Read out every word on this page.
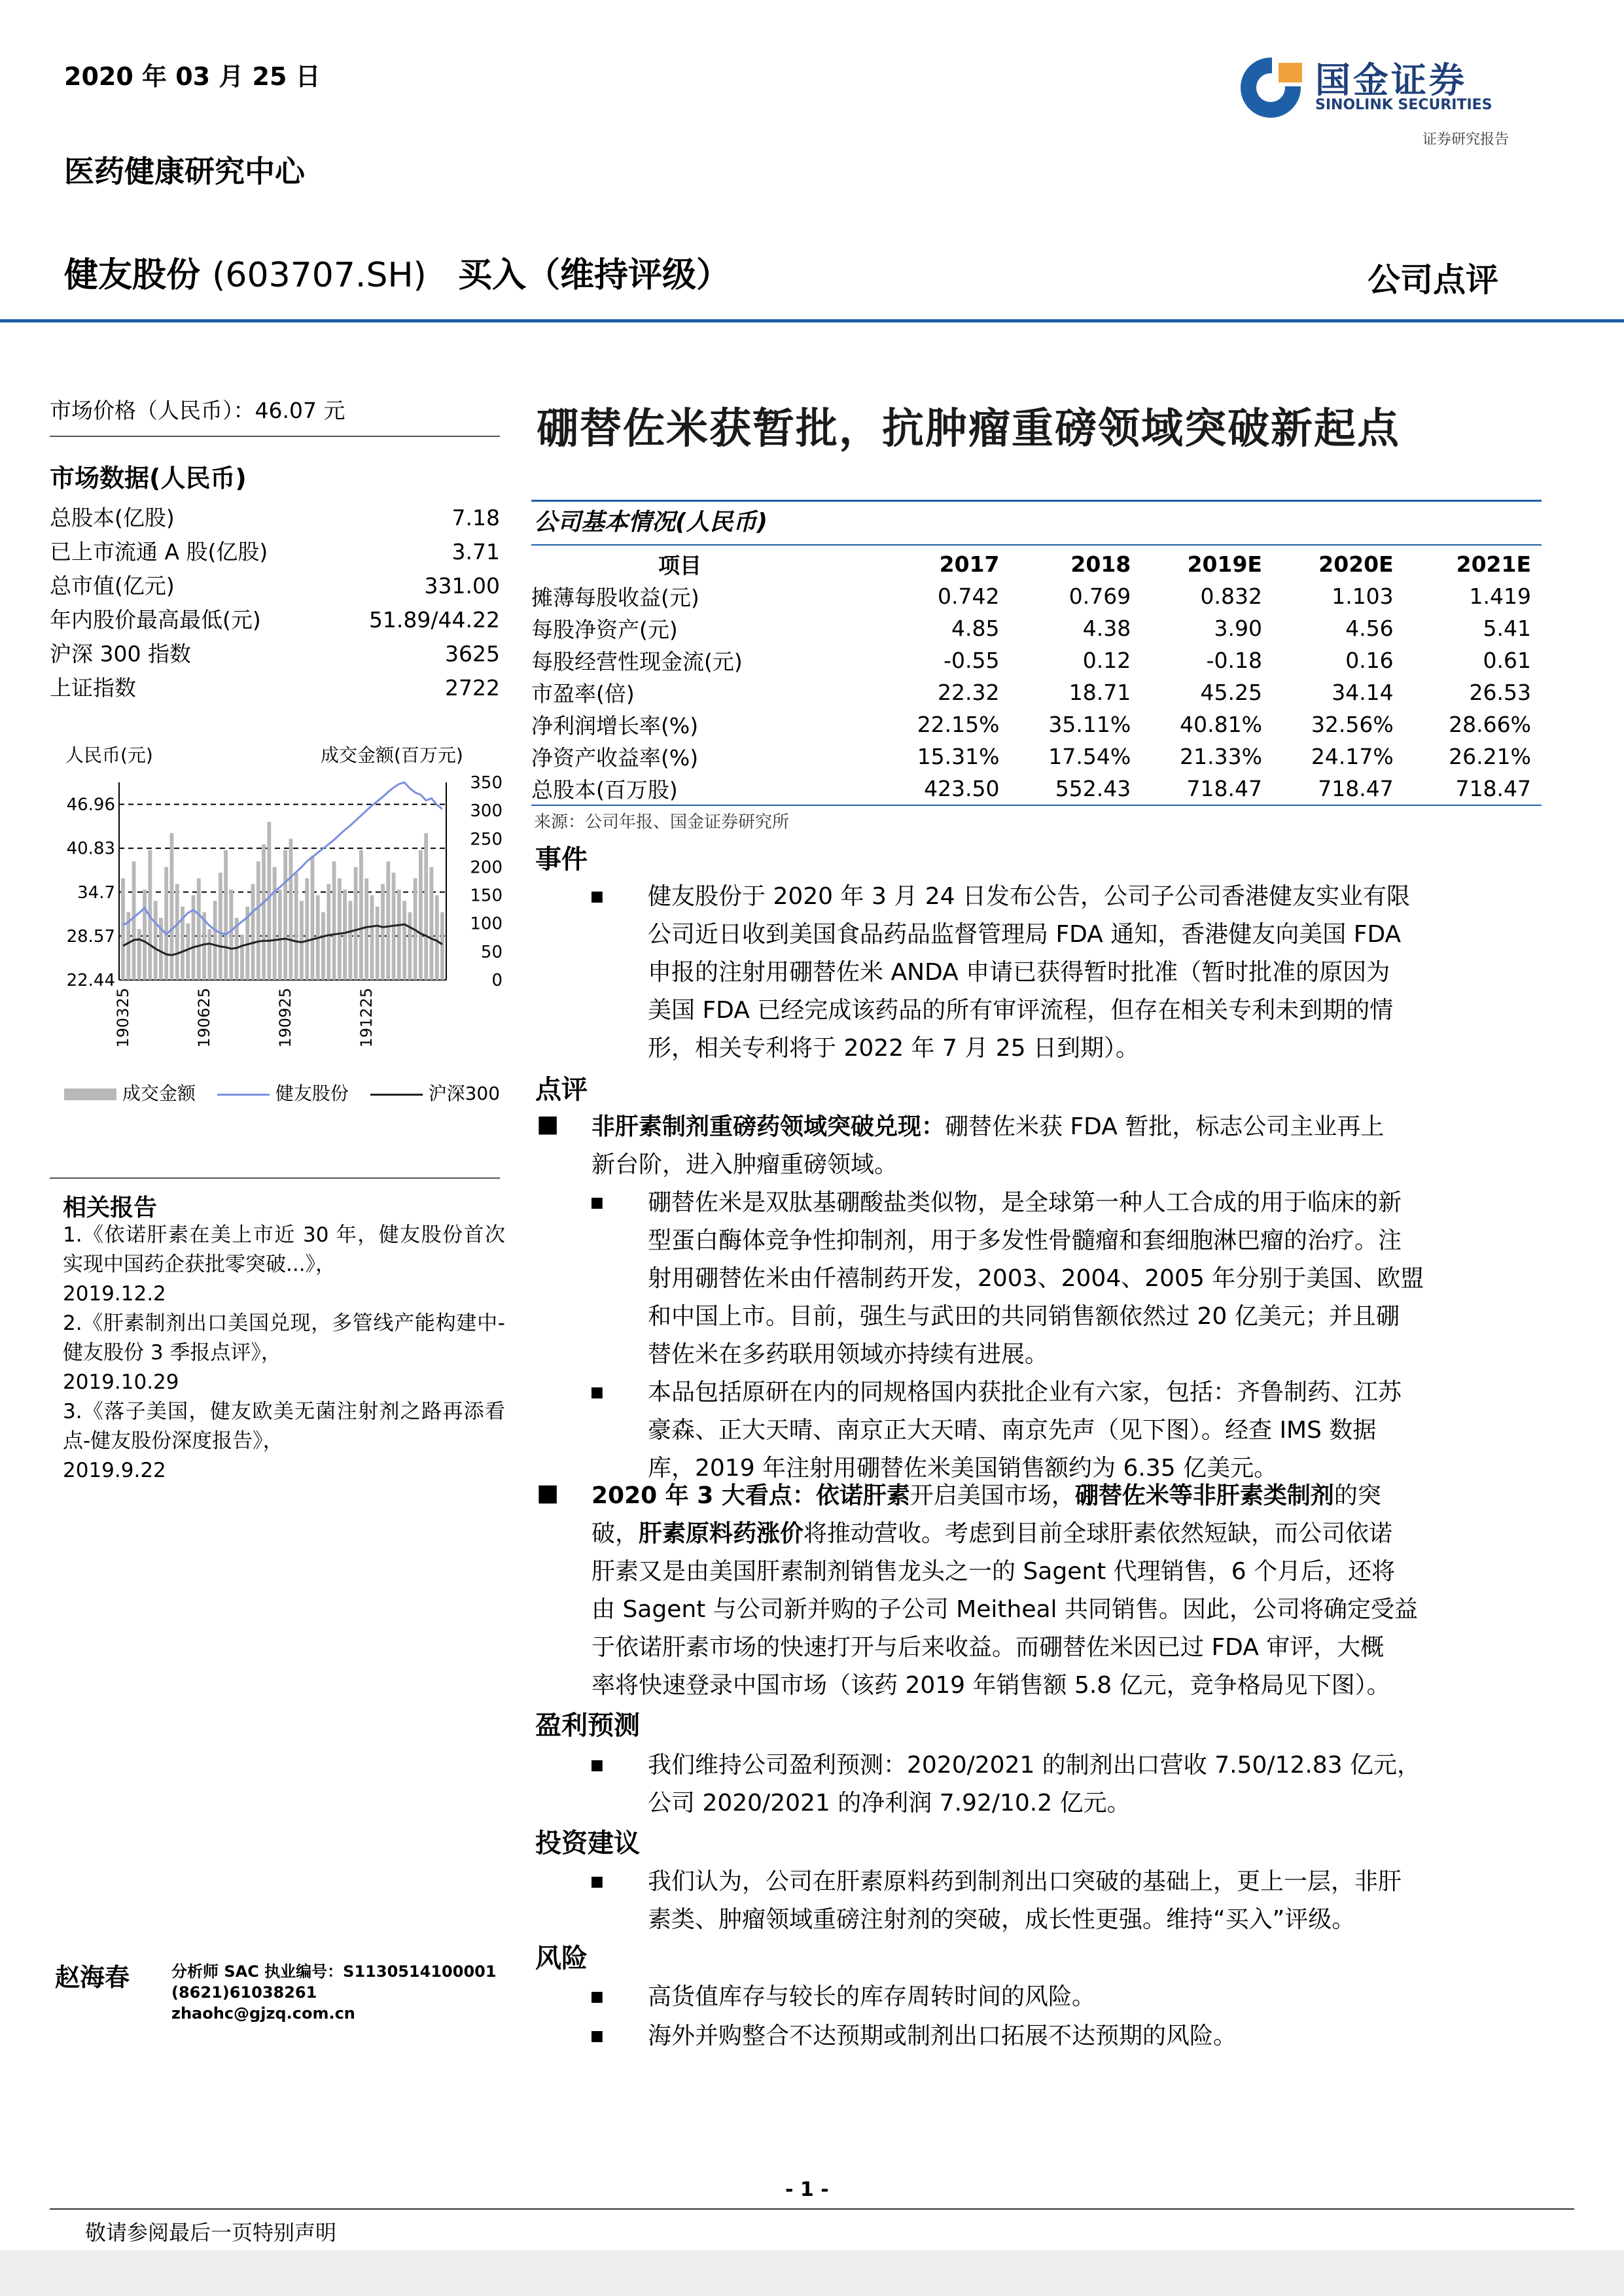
2020 年 03 月 25 日
医药健康研究中心
国金证券
SINOLINK SECURITIES
证券研究报告
健友股份 (603707.SH) 买入（维持评级）	公司点评
市场价格（人民币）：46.07 元
市场数据(人民币)
总股本(亿股)	7.18
已上市流通 A 股(亿股)	3.71
总市值(亿元)	331.00
年内股价最高最低(元)	51.89/44.22
沪深 300 指数	3625
上证指数	2722
人民币(元)	成交金额(百万元)
46.96
40.83
34.7
28.57
22.44
350
300
250
200
150
100
50
0
190325	190625	190925	191225
成交金额	健友股份	沪深300
相关报告
1.《依诺肝素在美上市近 30 年，健友股份首次实现中国药企获批零突破...》，
2019.12.2
2.《肝素制剂出口美国兑现，多管线产能构建中-健友股份 3 季报点评》，
2019.10.29
3.《落子美国，健友欧美无菌注射剂之路再添看点-健友股份深度报告》，
2019.9.22
赵海春	分析师 SAC 执业编号：S1130514100001
(8621)61038261
zhaohc@gjzq.com.cn
硼替佐米获暂批，抗肿瘤重磅领域突破新起点
公司基本情况(人民币)
项目	2017	2018	2019E	2020E	2021E
摊薄每股收益(元)	0.742	0.769	0.832	1.103	1.419
每股净资产(元)	4.85	4.38	3.90	4.56	5.41
每股经营性现金流(元)	-0.55	0.12	-0.18	0.16	0.61
市盈率(倍)	22.32	18.71	45.25	34.14	26.53
净利润增长率(%)	22.15%	35.11%	40.81%	32.56%	28.66%
净资产收益率(%)	15.31%	17.54%	21.33%	24.17%	26.21%
总股本(百万股)	423.50	552.43	718.47	718.47	718.47
来源：公司年报、国金证券研究所
事件
■ 健友股份于 2020 年 3 月 24 日发布公告，公司子公司香港健友实业有限
公司近日收到美国食品药品监督管理局 FDA 通知，香港健友向美国 FDA
申报的注射用硼替佐米 ANDA 申请已获得暂时批准（暂时批准的原因为
美国 FDA 已经完成该药品的所有审评流程，但存在相关专利未到期的情
形，相关专利将于 2022 年 7 月 25 日到期）。
点评
■ 非肝素制剂重磅药领域突破兑现：硼替佐米获 FDA 暂批，标志公司主业再上
新台阶，进入肿瘤重磅领域。
■ 硼替佐米是双肽基硼酸盐类似物，是全球第一种人工合成的用于临床的新
型蛋白酶体竞争性抑制剂，用于多发性骨髓瘤和套细胞淋巴瘤的治疗。注
射用硼替佐米由仟禧制药开发，2003、2004、2005 年分别于美国、欧盟
和中国上市。目前，强生与武田的共同销售额依然过 20 亿美元；并且硼
替佐米在多药联用领域亦持续有进展。
■ 本品包括原研在内的同规格国内获批企业有六家，包括：齐鲁制药、江苏
豪森、正大天晴、南京正大天晴、南京先声（见下图）。经查 IMS 数据
库，2019 年注射用硼替佐米美国销售额约为 6.35 亿美元。
■ 2020 年 3 大看点：依诺肝素开启美国市场，硼替佐米等非肝素类制剂的突
破，肝素原料药涨价将推动营收。考虑到目前全球肝素依然短缺，而公司依诺
肝素又是由美国肝素制剂销售龙头之一的 Sagent 代理销售，6 个月后，还将
由 Sagent 与公司新并购的子公司 Meitheal 共同销售。因此，公司将确定受益
于依诺肝素市场的快速打开与后来收益。而硼替佐米因已过 FDA 审评，大概
率将快速登录中国市场（该药 2019 年销售额 5.8 亿元，竞争格局见下图）。
盈利预测
■ 我们维持公司盈利预测：2020/2021 的制剂出口营收 7.50/12.83 亿元，
公司 2020/2021 的净利润 7.92/10.2 亿元。
投资建议
■ 我们认为，公司在肝素原料药到制剂出口突破的基础上，更上一层，非肝
素类、肿瘤领域重磅注射剂的突破，成长性更强。维持“买入”评级。
风险
■ 高货值库存与较长的库存周转时间的风险。
■ 海外并购整合不达预期或制剂出口拓展不达预期的风险。
- 1 -
敬请参阅最后一页特别声明
